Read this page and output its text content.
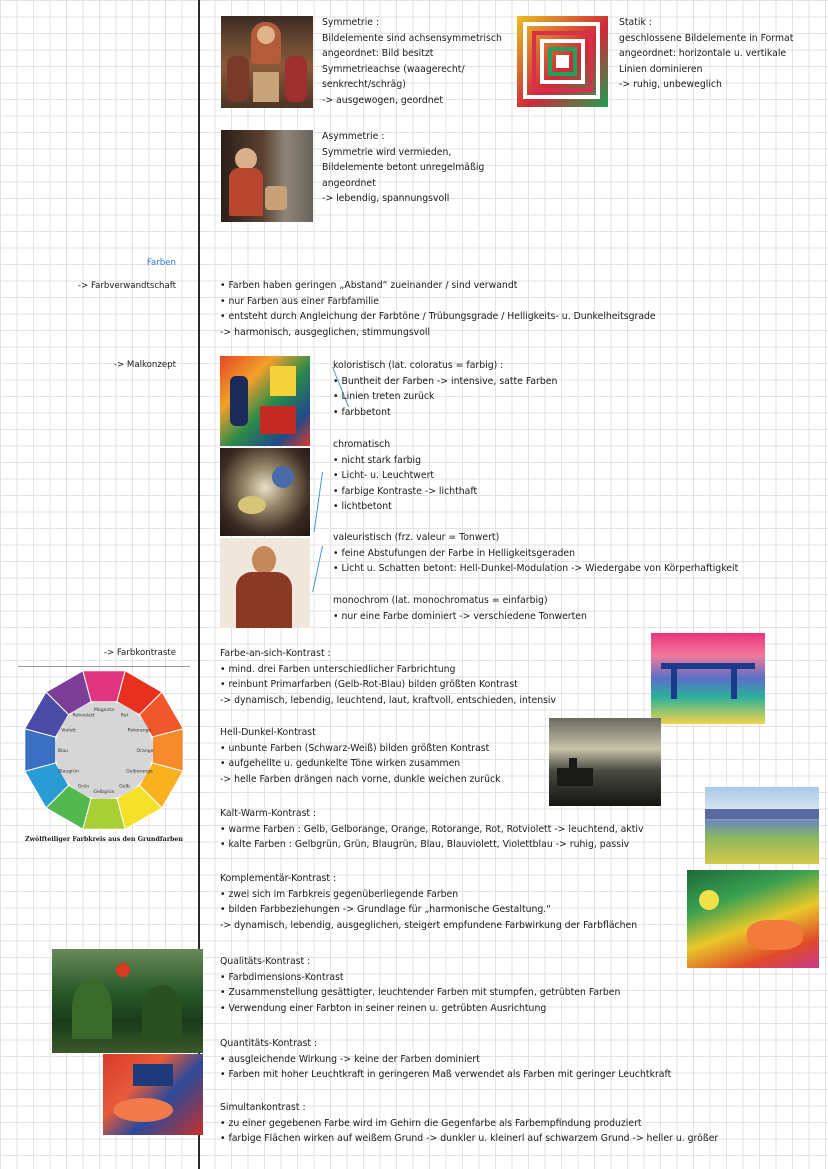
Symmetrie :
Bildelemente sind achsensymmetrisch
angeordnet: Bild besitzt
Symmetrieachse (waagerecht/
senkrecht/schräg)
-> ausgewogen, geordnet
Statik :
geschlossene Bildelemente in Format
angeordnet: horizontale u. vertikale
Linien dominieren
-> ruhig, unbeweglich
Asymmetrie :
Symmetrie wird vermieden,
Bildelemente betont unregelmäßig
angeordnet
-> lebendig, spannungsvoll
Farben
-> Farbverwandtschaft	• Farben haben geringen „Abstand“ zueinander / sind verwandt
• nur Farben aus einer Farbfamilie
• entsteht durch Angleichung der Farbtöne / Trübungsgrade / Helligkeits- u. Dunkelheitsgrade
-> harmonisch, ausgeglichen, stimmungsvoll
-> Malkonzept	koloristisch (lat. coloratus = farbig) :
• Buntheit der Farben -> intensive, satte Farben
• Linien treten zurück
• farbbetont
chromatisch
• nicht stark farbig
• Licht- u. Leuchtwert
• farbige Kontraste -> lichthaft
• lichtbetont
valeuristisch (frz. valeur = Tonwert)
• feine Abstufungen der Farbe in Helligkeitsgeraden
• Licht u. Schatten betont: Hell-Dunkel-Modulation -> Wiedergabe von Körperhaftigkeit
monochrom (lat. monochromatus = einfarbig)
• nur eine Farbe dominiert -> verschiedene Tonwerten
-> Farbkontraste
Magenta
Rot
Rotorange
Orange
Gelborange
Gelb
Gelbgrün
Grün
Blaugrün
Blau
Violett
Rotviolett
Zwölfteiliger Farbkreis aus den Grundfarben
Farbe-an-sich-Kontrast :
• mind. drei Farben unterschiedlicher Farbrichtung
• reinbunt Primarfarben (Gelb-Rot-Blau) bilden größten Kontrast
-> dynamisch, lebendig, leuchtend, laut, kraftvoll, entschieden, intensiv
Hell-Dunkel-Kontrast
• unbunte Farben (Schwarz-Weiß) bilden größten Kontrast
• aufgehellte u. gedunkelte Töne wirken zusammen
-> helle Farben drängen nach vorne, dunkle weichen zurück
Kalt-Warm-Kontrast :
• warme Farben : Gelb, Gelborange, Orange, Rotorange, Rot, Rotviolett -> leuchtend, aktiv
• kalte Farben : Gelbgrün, Grün, Blaugrün, Blau, Blauviolett, Violettblau -> ruhig, passiv
Komplementär-Kontrast :
• zwei sich im Farbkreis gegenüberliegende Farben
• bilden Farbbeziehungen -> Grundlage für „harmonische Gestaltung.“
-> dynamisch, lebendig, ausgeglichen, steigert empfundene Farbwirkung der Farbflächen
Qualitäts-Kontrast :
• Farbdimensions-Kontrast
• Zusammenstellung gesättigter, leuchtender Farben mit stumpfen, getrübten Farben
• Verwendung einer Farbton in seiner reinen u. getrübten Ausrichtung
Quantitäts-Kontrast :
• ausgleichende Wirkung -> keine der Farben dominiert
• Farben mit hoher Leuchtkraft in geringeren Maß verwendet als Farben mit geringer Leuchtkraft
Simultankontrast :
• zu einer gegebenen Farbe wird im Gehirn die Gegenfarbe als Farbempfindung produziert
• farbige Flächen wirken auf weißem Grund -> dunkler u. kleinerl auf schwarzem Grund -> heller u. größer
